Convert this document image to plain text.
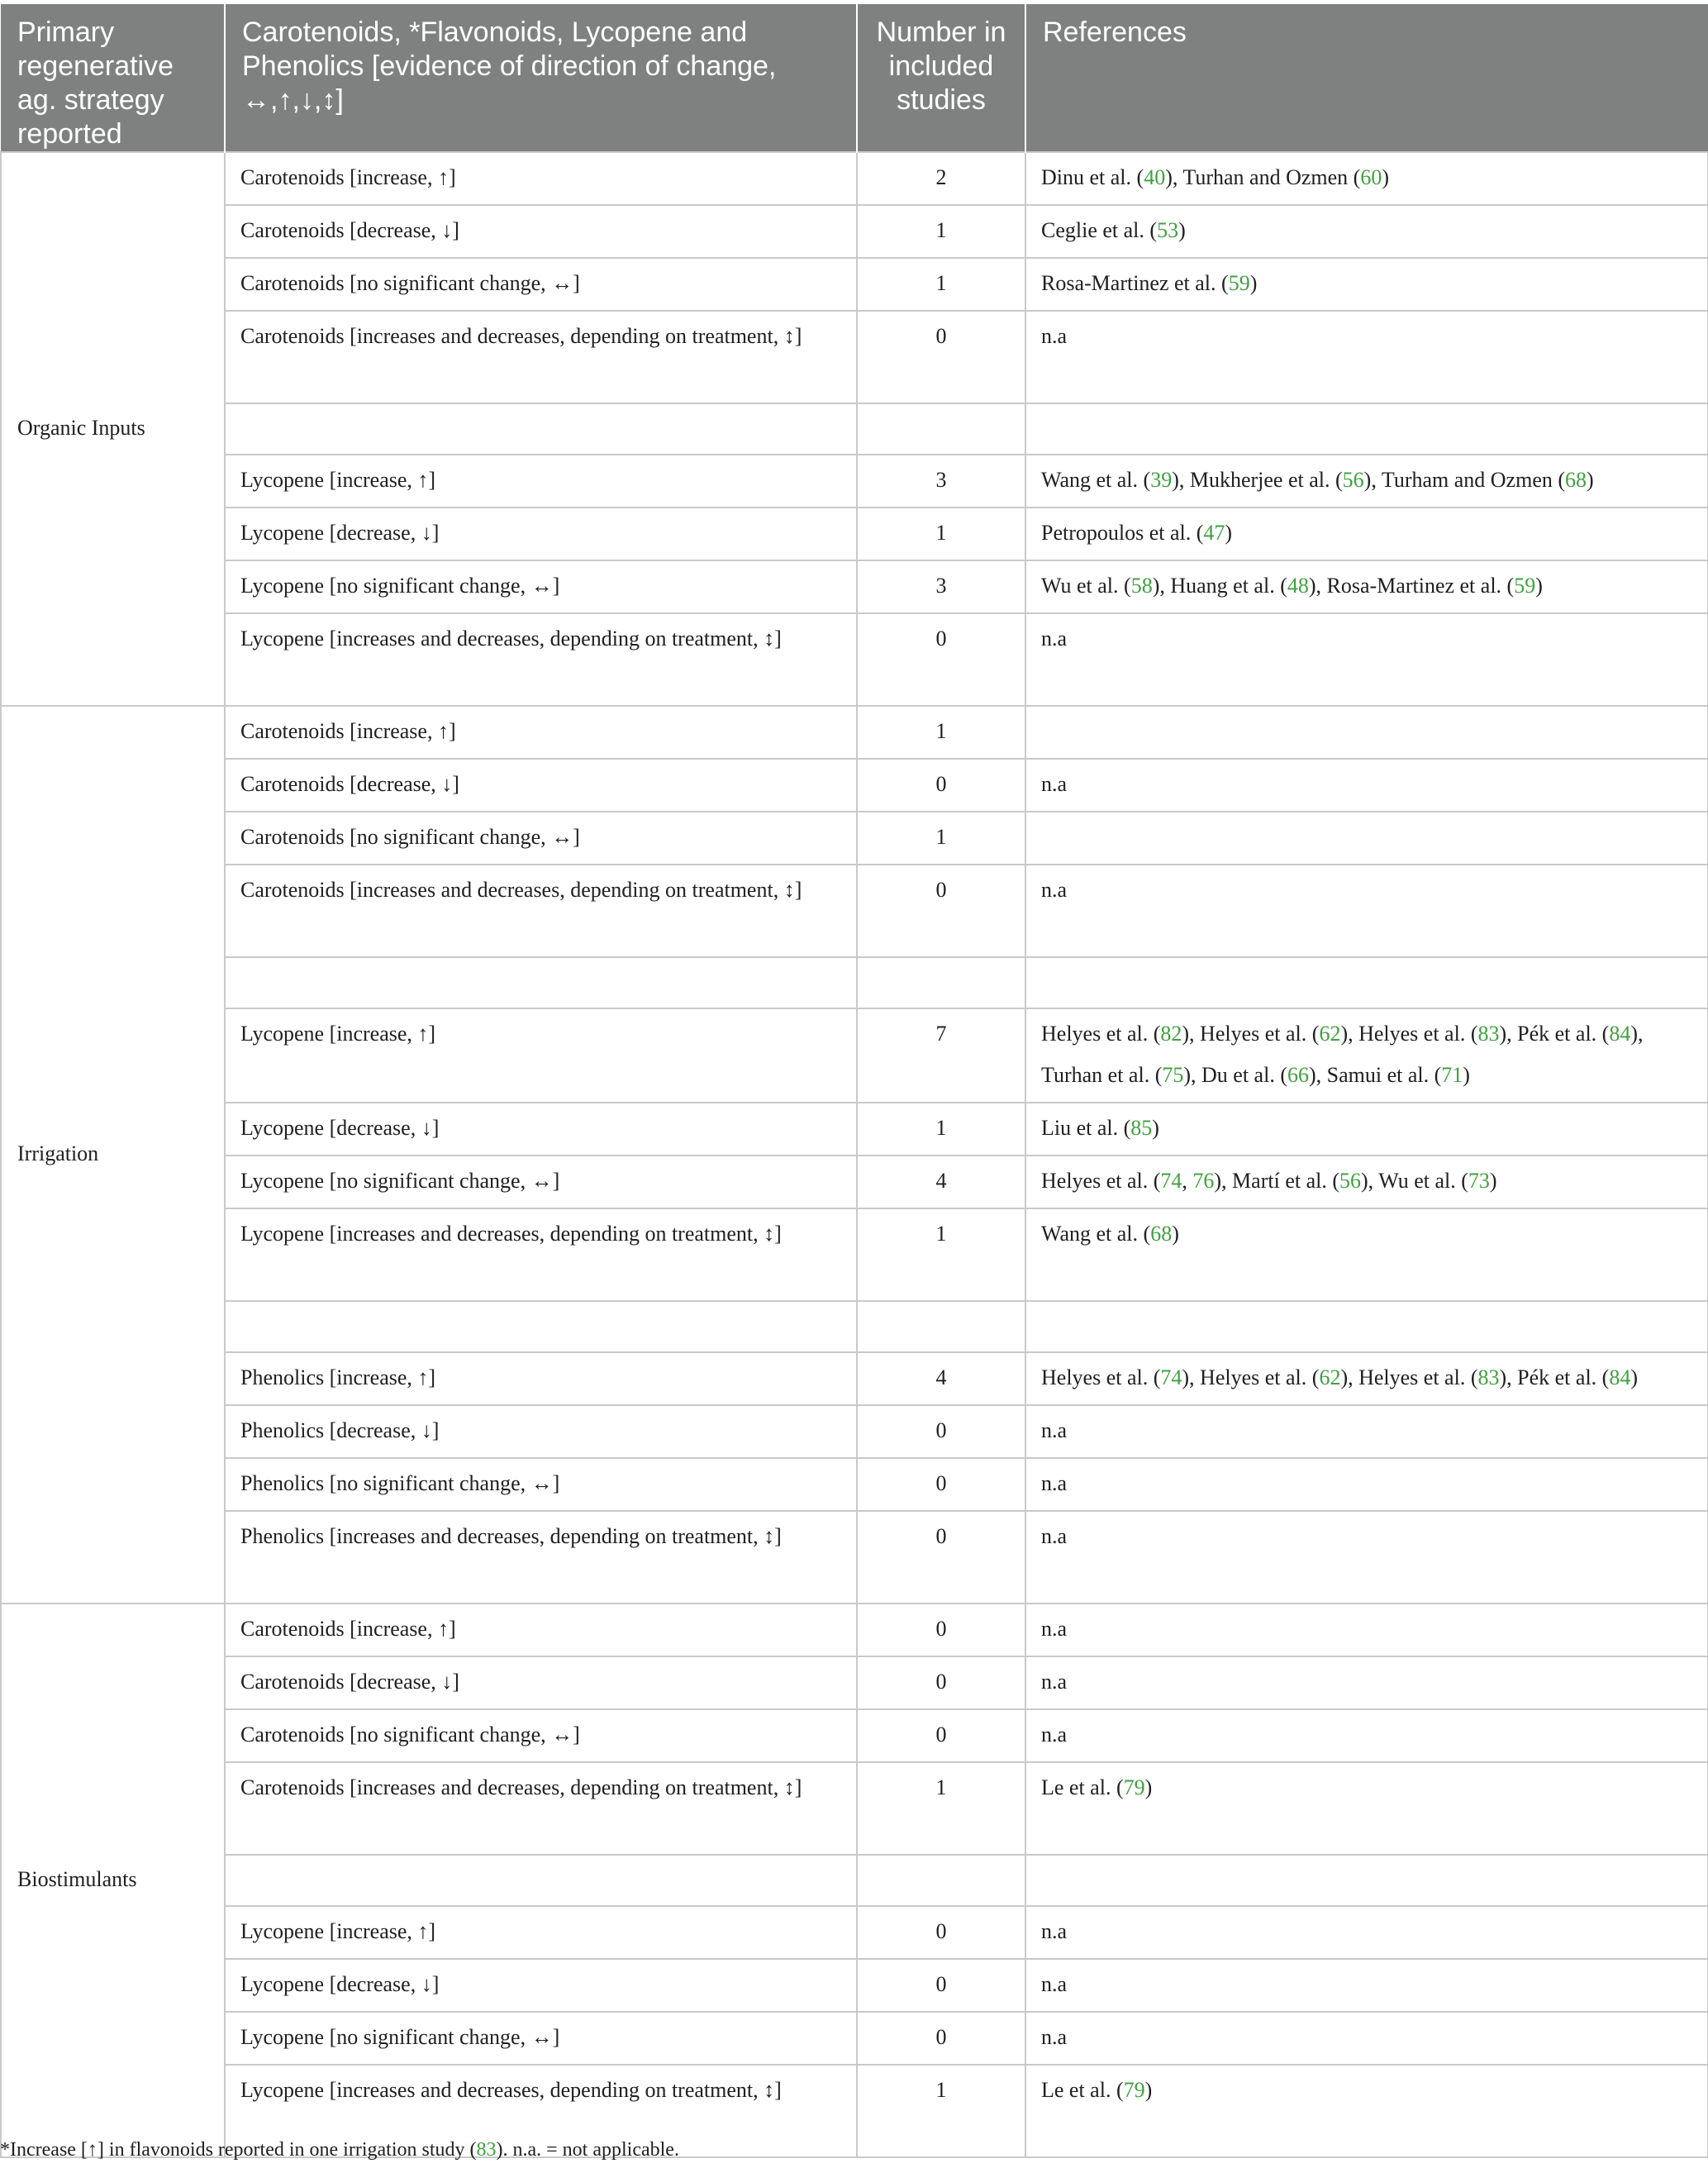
Primary regenerative ag. strategy reported	Carotenoids, *Flavonoids, Lycopene and Phenolics [evidence of direction of change, ↔,↑,↓,↕]	Number in included studies	References
Organic Inputs	Carotenoids [increase, ↑]	2	Dinu et al. (40), Turhan and Ozmen (60)
	Carotenoids [decrease, ↓]	1	Ceglie et al. (53)
	Carotenoids [no significant change, ↔]	1	Rosa-Martinez et al. (59)
	Carotenoids [increases and decreases, depending on treatment, ↕]	0	n.a

	Lycopene [increase, ↑]	3	Wang et al. (39), Mukherjee et al. (56), Turham and Ozmen (68)
	Lycopene [decrease, ↓]	1	Petropoulos et al. (47)
	Lycopene [no significant change, ↔]	3	Wu et al. (58), Huang et al. (48), Rosa-Martinez et al. (59)
	Lycopene [increases and decreases, depending on treatment, ↕]	0	n.a
Irrigation	Carotenoids [increase, ↑]	1	
	Carotenoids [decrease, ↓]	0	n.a
	Carotenoids [no significant change, ↔]	1	
	Carotenoids [increases and decreases, depending on treatment, ↕]	0	n.a

	Lycopene [increase, ↑]	7	Helyes et al. (82), Helyes et al. (62), Helyes et al. (83), Pék et al. (84), Turhan et al. (75), Du et al. (66), Samui et al. (71)
	Lycopene [decrease, ↓]	1	Liu et al. (85)
	Lycopene [no significant change, ↔]	4	Helyes et al. (74, 76), Martí et al. (56), Wu et al. (73)
	Lycopene [increases and decreases, depending on treatment, ↕]	1	Wang et al. (68)

	Phenolics [increase, ↑]	4	Helyes et al. (74), Helyes et al. (62), Helyes et al. (83), Pék et al. (84)
	Phenolics [decrease, ↓]	0	n.a
	Phenolics [no significant change, ↔]	0	n.a
	Phenolics [increases and decreases, depending on treatment, ↕]	0	n.a
Biostimulants	Carotenoids [increase, ↑]	0	n.a
	Carotenoids [decrease, ↓]	0	n.a
	Carotenoids [no significant change, ↔]	0	n.a
	Carotenoids [increases and decreases, depending on treatment, ↕]	1	Le et al. (79)

	Lycopene [increase, ↑]	0	n.a
	Lycopene [decrease, ↓]	0	n.a
	Lycopene [no significant change, ↔]	0	n.a
	Lycopene [increases and decreases, depending on treatment, ↕]	1	Le et al. (79)
*Increase [↑] in flavonoids reported in one irrigation study (83). n.a. = not applicable.
